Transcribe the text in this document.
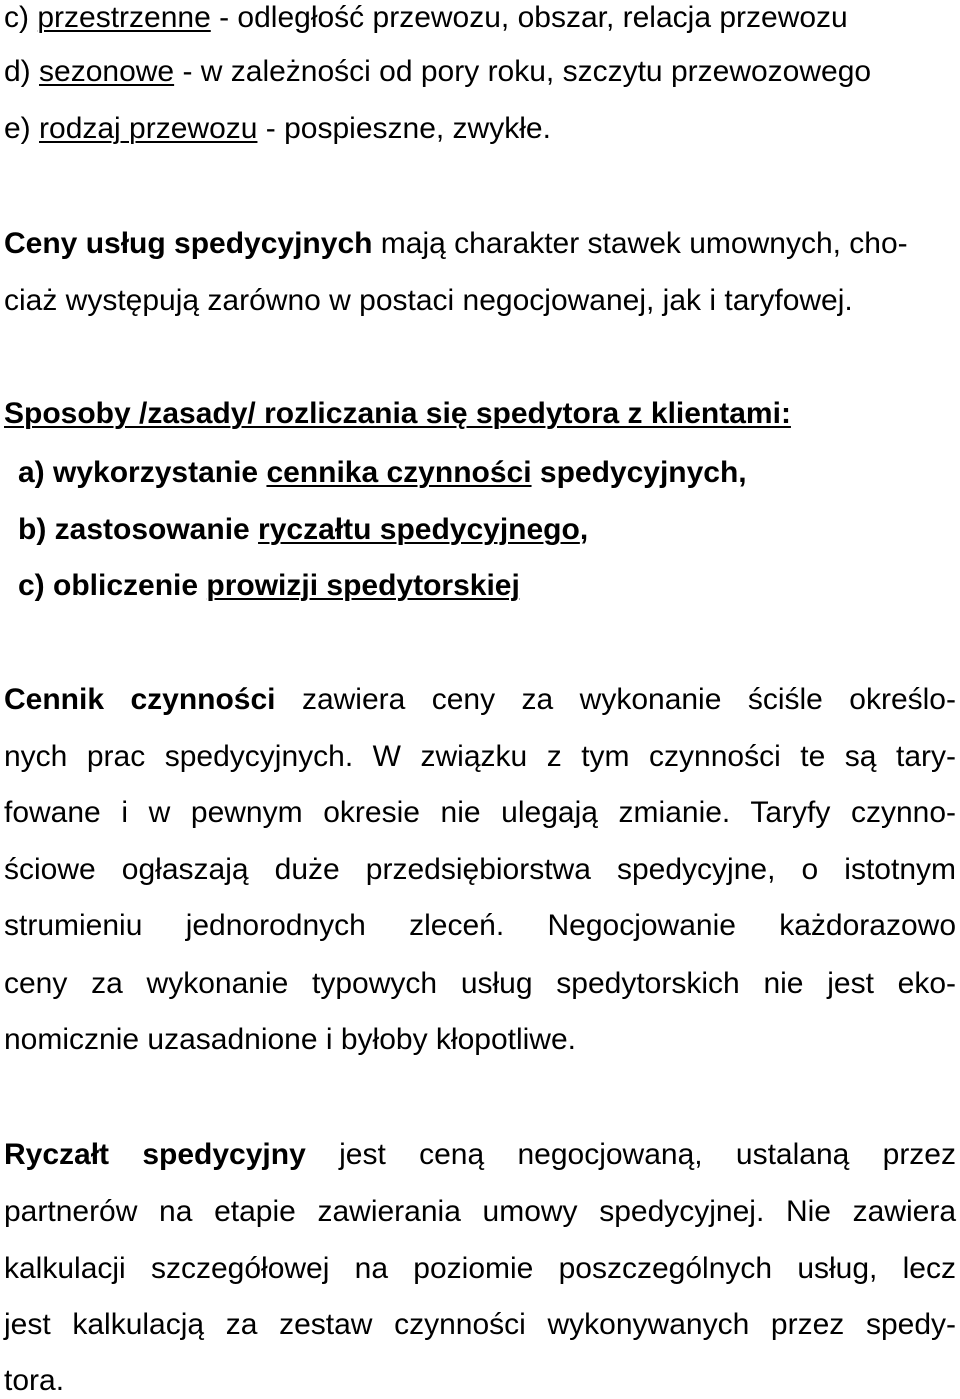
c) przestrzenne - odległość przewozu, obszar, relacja przewozu
d) sezonowe - w zależności od pory roku, szczytu przewozowego
e) rodzaj przewozu - pospieszne, zwykłe.
Ceny usług spedycyjnych mają charakter stawek umownych, cho-
ciaż występują zarówno w postaci negocjowanej, jak i taryfowej.
Sposoby /zasady/ rozliczania się spedytora z klientami:
a) wykorzystanie cennika czynności spedycyjnych,
b) zastosowanie ryczałtu spedycyjnego,
c) obliczenie prowizji spedytorskiej
Cennik czynności zawiera ceny za wykonanie ściśle określo-
nych prac spedycyjnych. W związku z tym czynności te są tary-
fowane i w pewnym okresie nie ulegają zmianie. Taryfy czynno-
ściowe ogłaszają duże przedsiębiorstwa spedycyjne, o istotnym
strumieniu jednorodnych zleceń. Negocjowanie każdorazowo
ceny za wykonanie typowych usług spedytorskich nie jest eko-
nomicznie uzasadnione i byłoby kłopotliwe.
Ryczałt spedycyjny jest ceną negocjowaną, ustalaną przez
partnerów na etapie zawierania umowy spedycyjnej. Nie zawiera
kalkulacji szczegółowej na poziomie poszczególnych usług, lecz
jest kalkulacją za zestaw czynności wykonywanych przez spedy-
tora.
